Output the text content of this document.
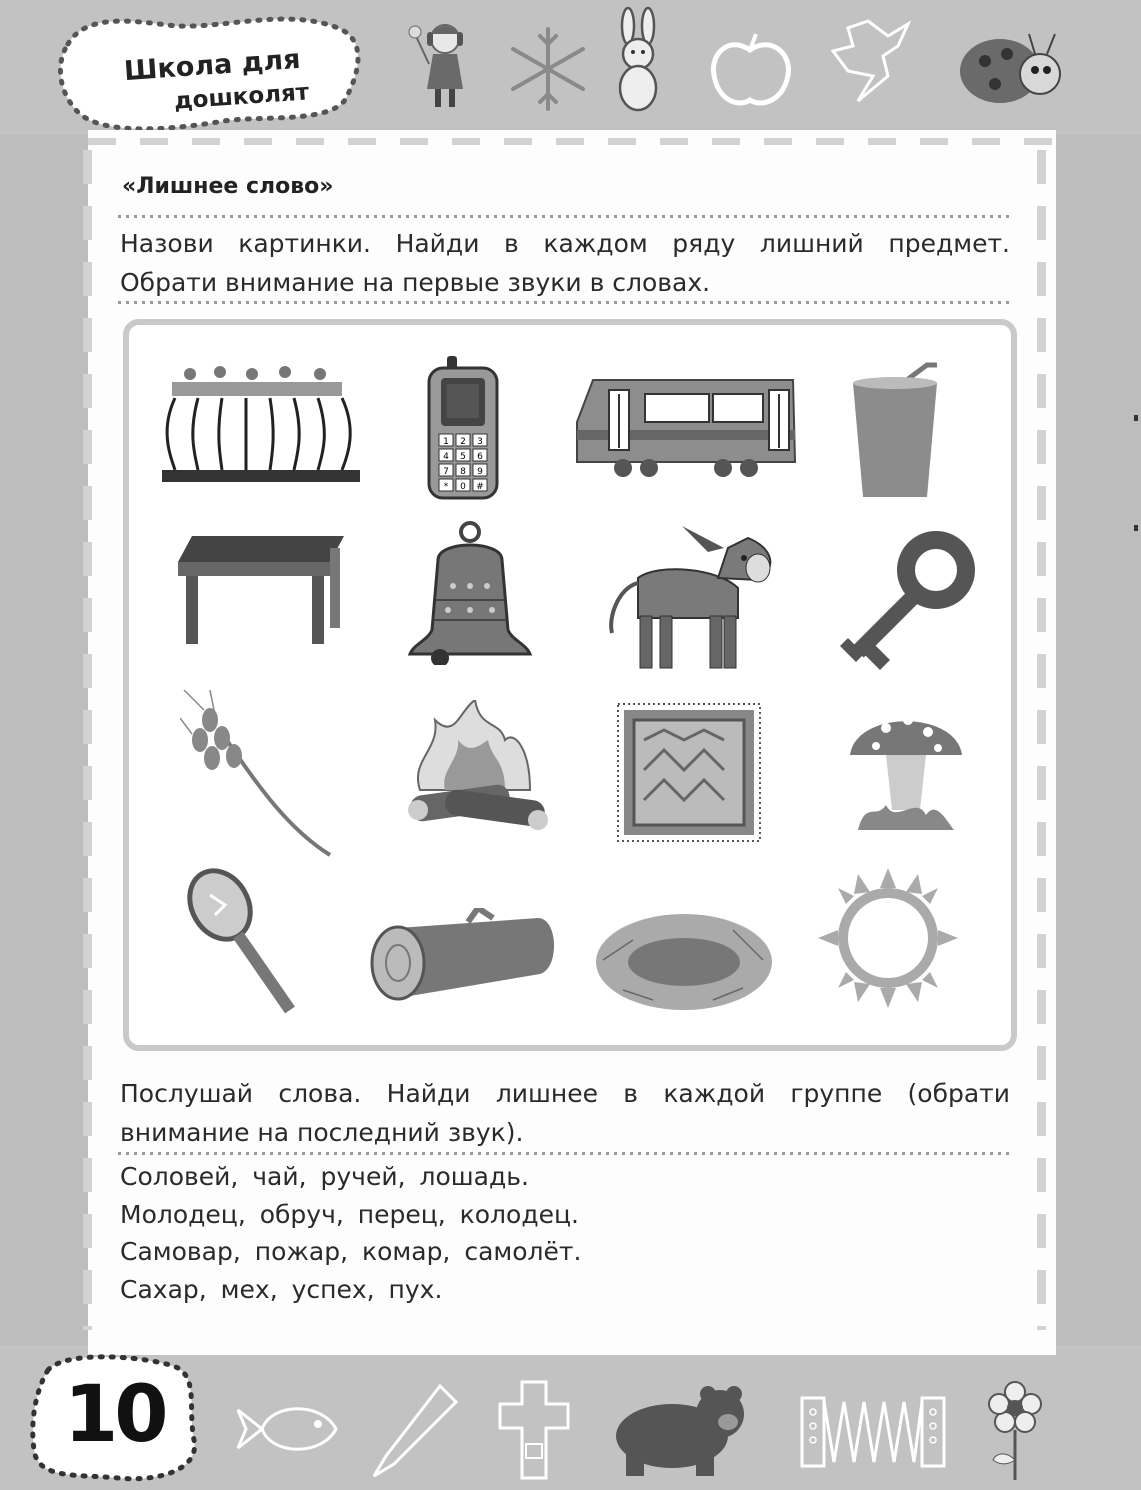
Школа для
дошколят
«Лишнее слово»
Назови картинки. Найди в каждом ряду лишний предмет.
Обрати внимание на первые звуки в словах.
1 2 3
4 5 6
7 8 9
* 0 #
Послушай слова. Найди лишнее в каждой группе (обрати
внимание на последний звук).
Соловей, чай, ручей, лошадь.
Молодец, обруч, перец, колодец.
Самовар, пожар, комар, самолёт.
Сахар, мех, успех, пух.
10
